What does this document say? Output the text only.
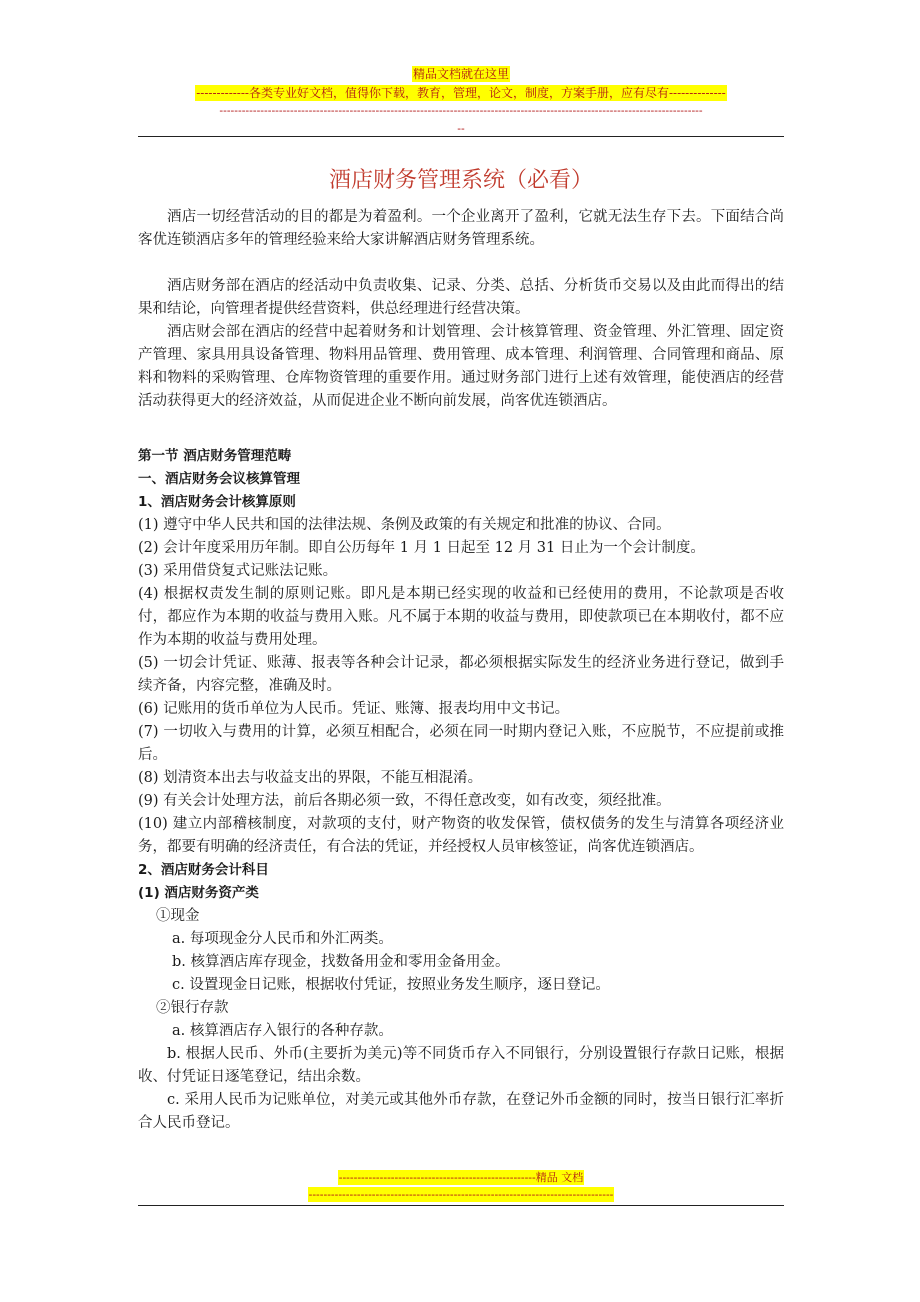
精品文档就在这里
-------------各类专业好文档，值得你下载，教育，管理，论文，制度，方案手册，应有尽有--------------
----------------------------------------------------------------------------------------------------------------------------------
--
酒店财务管理系统（必看）

酒店一切经营活动的目的都是为着盈利。一个企业离开了盈利，它就无法生存下去。下面结合尚客优连锁酒店多年的管理经验来给大家讲解酒店财务管理系统。

酒店财务部在酒店的经活动中负责收集、记录、分类、总括、分析货币交易以及由此而得出的结果和结论，向管理者提供经营资料，供总经理进行经营决策。

酒店财会部在酒店的经营中起着财务和计划管理、会计核算管理、资金管理、外汇管理、固定资产管理、家具用具设备管理、物料用品管理、费用管理、成本管理、利润管理、合同管理和商品、原料和物料的采购管理、仓库物资管理的重要作用。通过财务部门进行上述有效管理，能使酒店的经营活动获得更大的经济效益，从而促进企业不断向前发展，尚客优连锁酒店。

第一节 酒店财务管理范畴

一、酒店财务会议核算管理

1、酒店财务会计核算原则

(1) 遵守中华人民共和国的法律法规、条例及政策的有关规定和批准的协议、合同。

(2) 会计年度采用历年制。即自公历每年 1 月 1 日起至 12 月 31 日止为一个会计制度。

(3) 采用借贷复式记账法记账。

(4) 根据权责发生制的原则记账。即凡是本期已经实现的收益和已经使用的费用，不论款项是否收付，都应作为本期的收益与费用入账。凡不属于本期的收益与费用，即使款项已在本期收付，都不应作为本期的收益与费用处理。

(5) 一切会计凭证、账薄、报表等各种会计记录，都必须根据实际发生的经济业务进行登记，做到手续齐备，内容完整，准确及时。

(6) 记账用的货币单位为人民币。凭证、账簿、报表均用中文书记。

(7) 一切收入与费用的计算，必须互相配合，必须在同一时期内登记入账，不应脱节，不应提前或推后。

(8) 划清资本出去与收益支出的界限，不能互相混淆。

(9) 有关会计处理方法，前后各期必须一致，不得任意改变，如有改变，须经批准。

(10) 建立内部稽核制度，对款项的支付，财产物资的收发保管，债权债务的发生与清算各项经济业务，都要有明确的经济责任，有合法的凭证，并经授权人员审核签证，尚客优连锁酒店。

2、酒店财务会计科目

(1) 酒店财务资产类

①现金

a. 每项现金分人民币和外汇两类。

b. 核算酒店库存现金，找数备用金和零用金备用金。

c. 设置现金日记账，根据收付凭证，按照业务发生顺序，逐日登记。

②银行存款

a. 核算酒店存入银行的各种存款。

b. 根据人民币、外币(主要折为美元)等不同货币存入不同银行，分别设置银行存款日记账，根据收、付凭证日逐笔登记，结出余数。

c. 采用人民币为记账单位，对美元或其他外币存款，在登记外币金额的同时，按当日银行汇率折合人民币登记。

-----------------------------------------------------精品 文档
----------------------------------------------------------------------------------
